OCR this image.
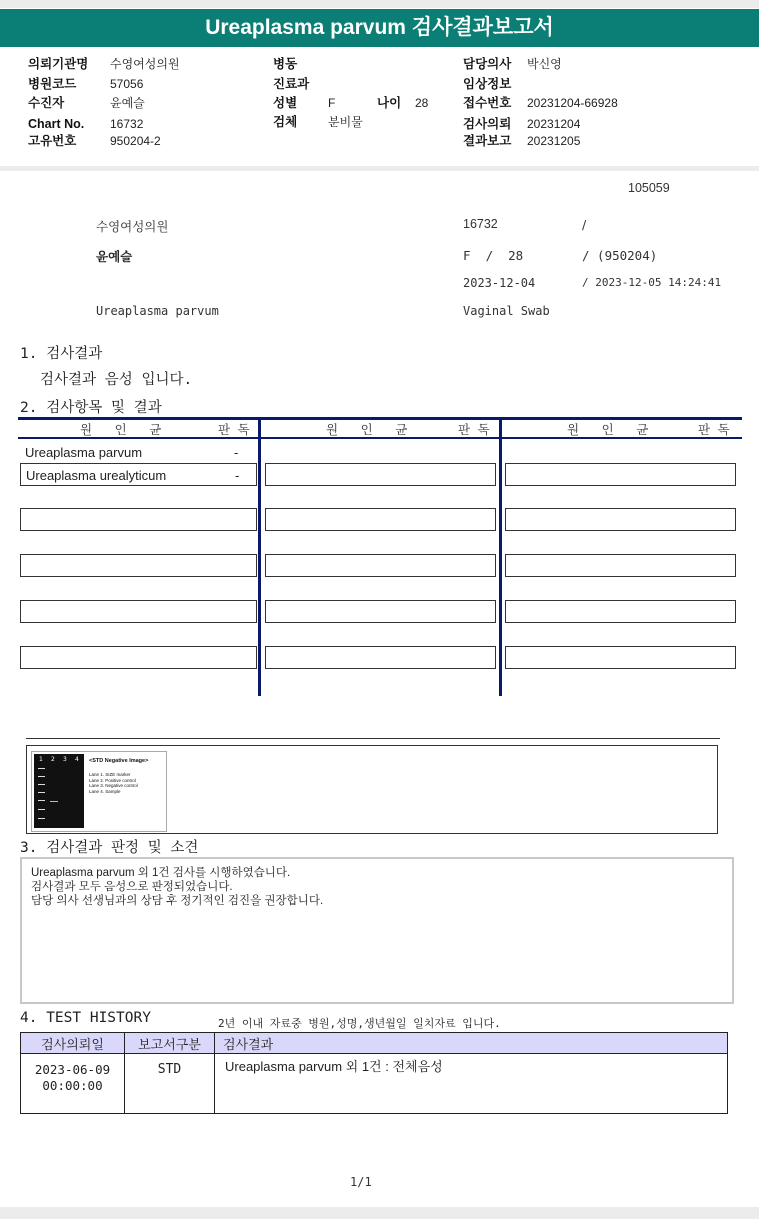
Ureaplasma parvum 검사결과보고서
의뢰기관명 수영여성의원
병원코드	57056
수진자	윤예슬
Chart No. 16732
고유번호	950204-2
병동
진료과
성별	F	나이 28
검체	분비물
담당의사 박신영
임상정보
접수번호 20231204-66928
검사의뢰 20231204
결과보고 20231205
105059
수영여성의원	16732	/
윤예슬	F  /  28	/ (950204)
2023-12-04	/ 2023-12-05 14:24:41
Ureaplasma parvum	Vaginal Swab
1. 검사결과
검사결과 음성 입니다.
2. 검사항목 및 결과
원   인   균	판 독	원   인   균	판 독	원   인   균	판 독
Ureaplasma parvum	-
Ureaplasma urealyticum	-
1 2 3 4 <STD Negative Image>
Lane 1. SIZE marker
Lane 2. Positive control
Lane 3. Negative control
Lane 4. Sample
3. 검사결과 판정 및 소견
Ureaplasma parvum 외 1건 검사를 시행하였습니다.
검사결과 모두 음성으로 판정되었습니다.
담당 의사 선생님과의 상담 후 정기적인 검진을 권장합니다.
4. TEST HISTORY	2년 이내 자료중 병원,성명,생년월일 일치자료 입니다.
검사의뢰일	보고서구분	검사결과

2023-06-09
00:00:00	STD	Ureaplasma parvum 외 1건 : 전체음성
1/1
